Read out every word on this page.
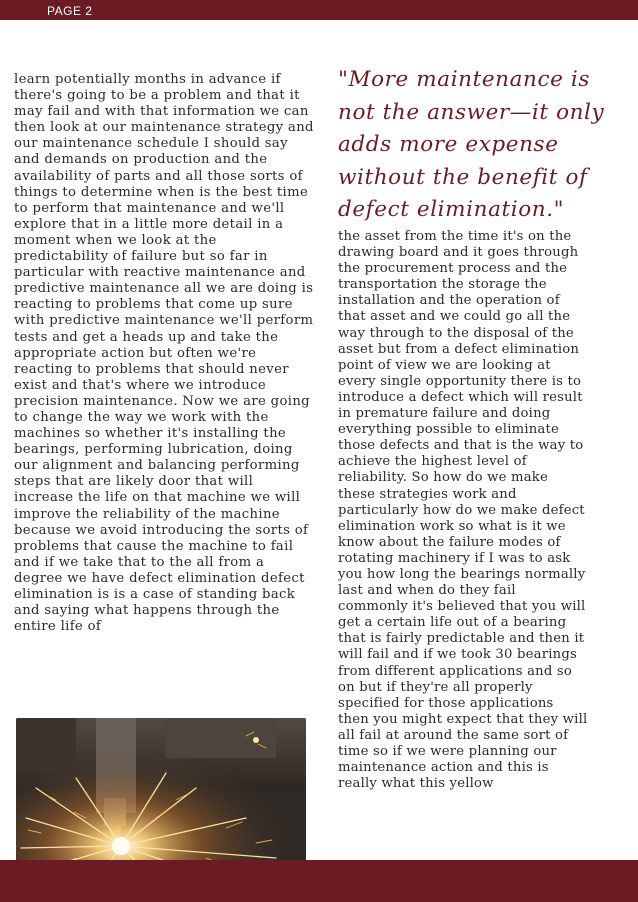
PAGE 2

learn potentially months in advance if there's going to be a problem and that it may fail and with that information we can then look at our maintenance strategy and our maintenance schedule I should say and demands on production and the availability of parts and all those sorts of things to determine when is the best time to perform that maintenance and we'll explore that in a little more detail in a moment when we look at the predictability of failure but so far in particular with reactive maintenance and predictive maintenance all we are doing is reacting to problems that come up sure with predictive maintenance we'll perform tests and get a heads up and take the appropriate action but often we're reacting to problems that should never exist and that's where we introduce precision maintenance. Now we are going to change the way we work with the machines so whether it's installing the bearings, performing lubrication, doing our alignment and balancing performing steps that are likely door that will increase the life on that machine we will improve the reliability of the machine because we avoid introducing the sorts of problems that cause the machine to fail and if we take that to the all from a degree we have defect elimination defect elimination is is a case of standing back and saying what happens through the entire life of

"More maintenance is not the answer—it only adds more expense without the benefit of defect elimination."

the asset from the time it's on the drawing board and it goes through the procurement process and the transportation the storage the installation and the operation of that asset and we could go all the way through to the disposal of the asset but from a defect elimination point of view we are looking at every single opportunity there is to introduce a defect which will result in premature failure and doing everything possible to eliminate those defects and that is the way to achieve the highest level of reliability. So how do we make these strategies work and particularly how do we make defect elimination work so what is it we know about the failure modes of rotating machinery if I was to ask you how long the bearings normally last and when do they fail commonly it's believed that you will get a certain life out of a bearing that is fairly predictable and then it will fail and if we took 30 bearings from different applications and so on but if they're all properly specified for those applications then you might expect that they will all fail at around the same sort of time so if we were planning our maintenance action and this is really what this yellow
